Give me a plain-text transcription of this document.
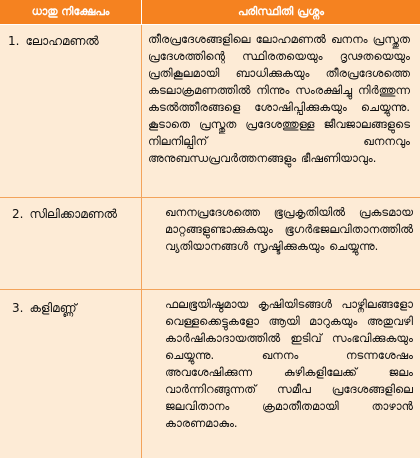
ധാതു നിക്ഷേപം	പരിസ്ഥിതി പ്രശ്നം
1. ലോഹമണൽ	തീരപ്രദേശങ്ങളിലെ ലോഹമണൽ ഖനനം പ്രസ്തുത പ്രദേശത്തിന്റെ സ്ഥിരതയെയും ദൃഢതയെയും പ്രതികൂലമായി ബാധിക്കുകയും തീരപ്രദേശത്തെ കടലാക്രമണത്തിൽ നിന്നും സംരക്ഷിച്ചു നിർത്തുന്ന കടൽത്തീരങ്ങളെ ശോഷിപ്പിക്കുകയും ചെയ്യുന്നു. കൂടാതെ പ്രസ്തുത പ്രദേശത്തുള്ള ജീവജാലങ്ങളുടെ നിലനില്പിന് ഖനനവും അനുബന്ധപ്രവർത്തനങ്ങളും ഭീഷണിയാവും.
2. സിലിക്കാമണൽ	ഖനനപ്രദേശത്തെ ഭൂപ്രകൃതിയിൽ പ്രകടമായ മാറ്റങ്ങളുണ്ടാക്കുകയും ഭൂഗർഭജലവിതാനത്തിൽ വ്യതിയാനങ്ങൾ സൃഷ്ടിക്കുകയും ചെയ്യുന്നു.
3. കളിമണ്ണ്	ഫലഭൂയിഷ്ഠമായ കൃഷിയിടങ്ങൾ പാഴ്നിലങ്ങളോ വെള്ളക്കെട്ടുകളോ ആയി മാറുകയും അതുവഴി കാർഷികാദായത്തിൽ ഇടിവ് സംഭവിക്കുകയും ചെയ്യുന്നു. ഖനനം നടന്നശേഷം അവശേഷിക്കുന്ന കുഴികളിലേക്ക് ജലം വാർന്നിറങ്ങുന്നത് സമീപ പ്രദേശങ്ങളിലെ ജലവിതാനം ക്രമാതീതമായി താഴാൻ കാരണമാകും.
